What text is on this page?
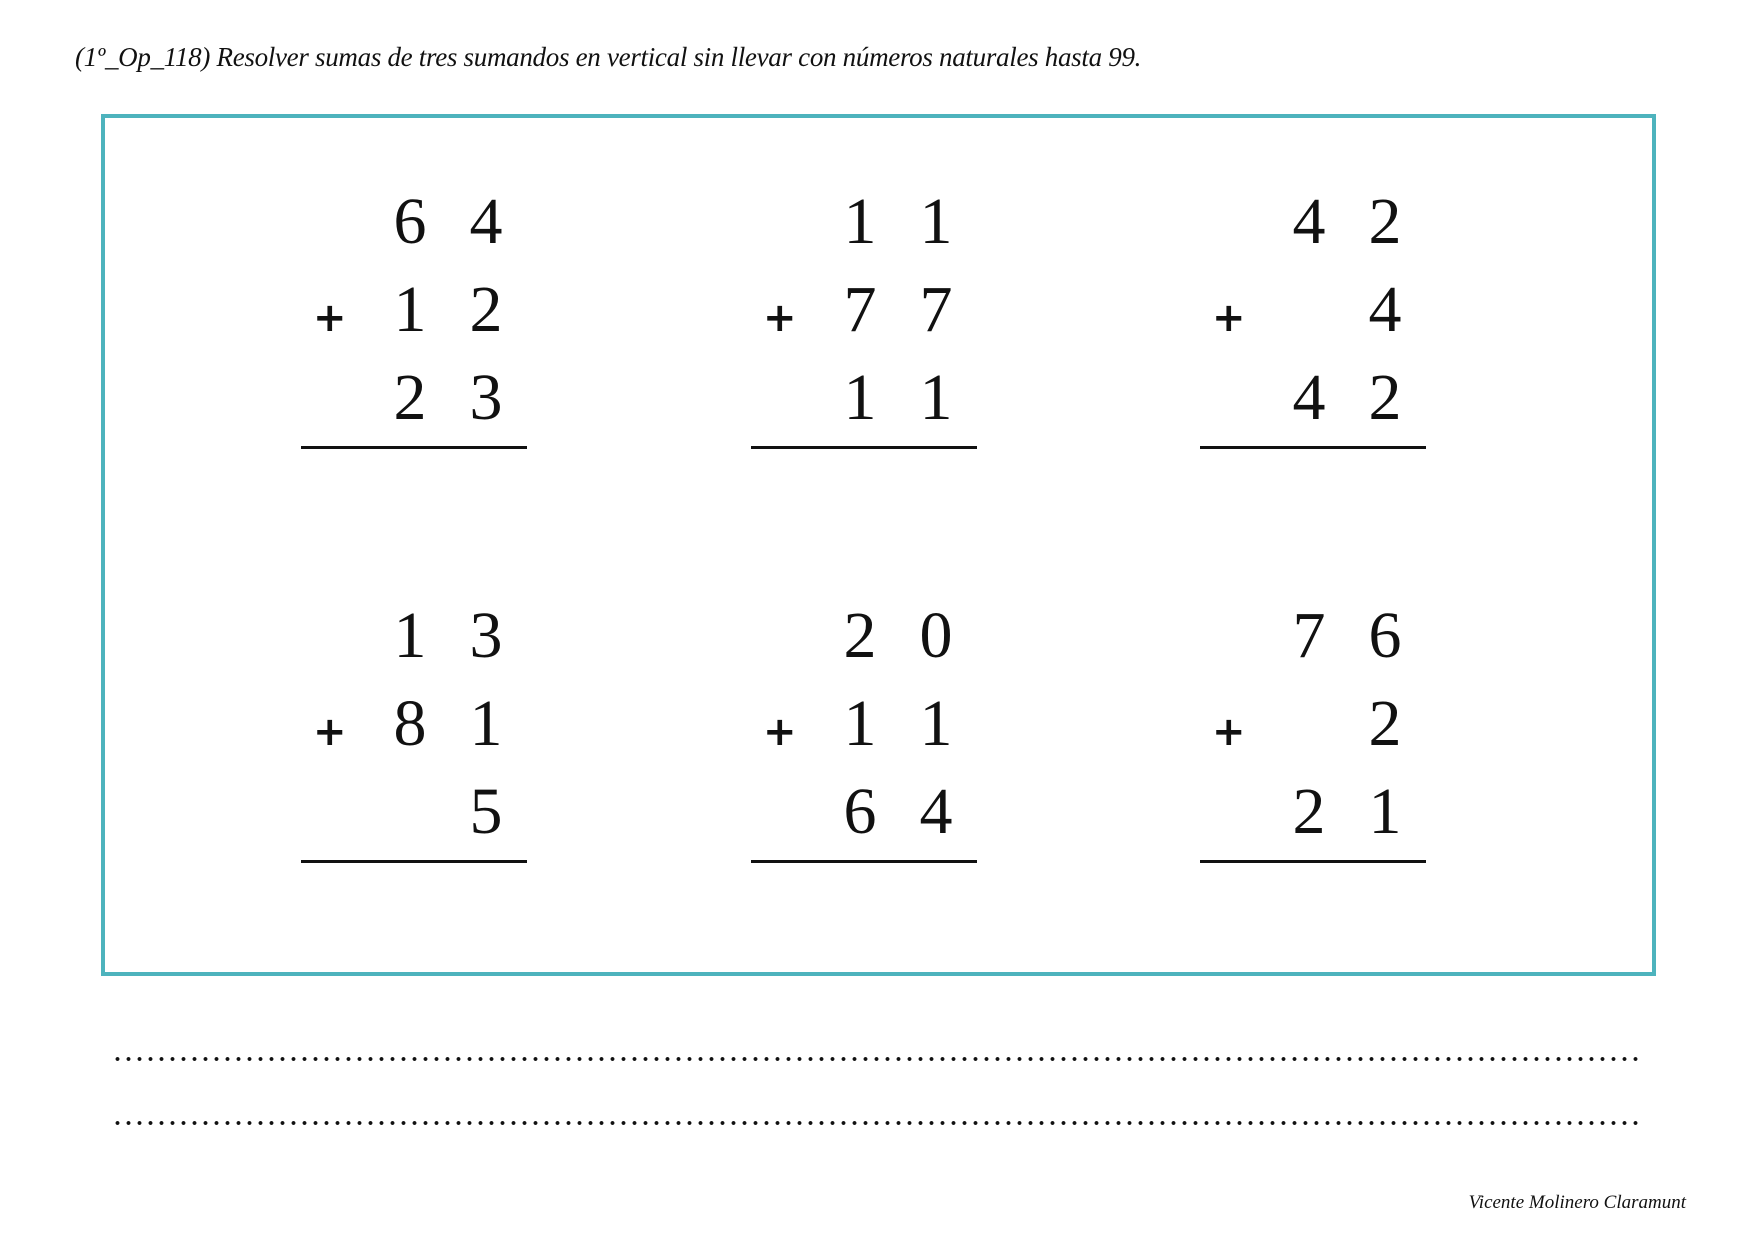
(1º_Op_118) Resolver sumas de tres sumandos en vertical sin llevar con números naturales hasta 99.
+
6 4
1 2
2 3
+
1 1
7 7
1 1
+
4 2
4
4 2
+
1 3
8 1
5
+
2 0
1 1
6 4
+
7 6
2
2 1
Vicente Molinero Claramunt
